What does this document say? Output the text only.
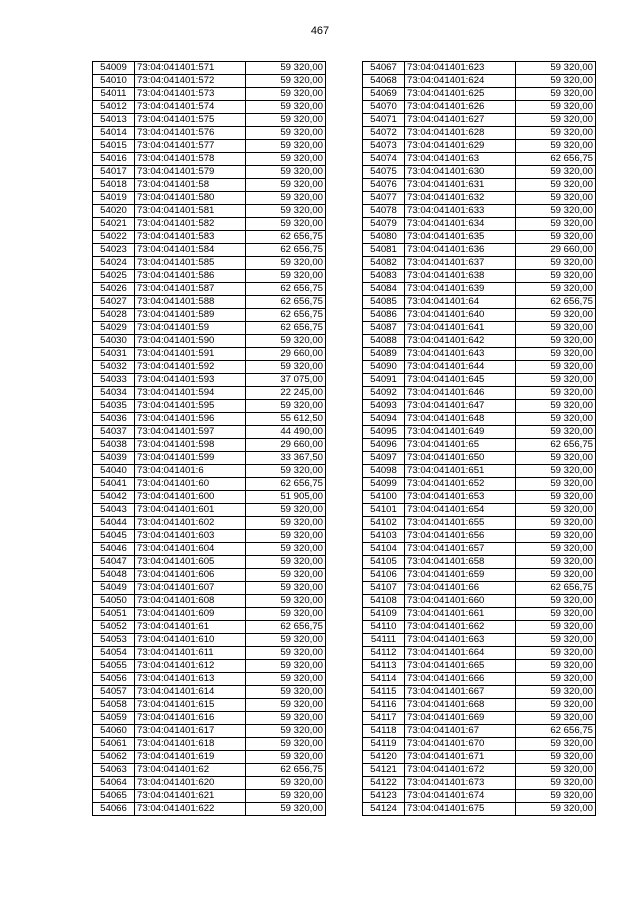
467
54009	73:04:041401:571	59 320,00
54010	73:04:041401:572	59 320,00
54011	73:04:041401:573	59 320,00
54012	73:04:041401:574	59 320,00
54013	73:04:041401:575	59 320,00
54014	73:04:041401:576	59 320,00
54015	73:04:041401:577	59 320,00
54016	73:04:041401:578	59 320,00
54017	73:04:041401:579	59 320,00
54018	73:04:041401:58	59 320,00
54019	73:04:041401:580	59 320,00
54020	73:04:041401:581	59 320,00
54021	73:04:041401:582	59 320,00
54022	73:04:041401:583	62 656,75
54023	73:04:041401:584	62 656,75
54024	73:04:041401:585	59 320,00
54025	73:04:041401:586	59 320,00
54026	73:04:041401:587	62 656,75
54027	73:04:041401:588	62 656,75
54028	73:04:041401:589	62 656,75
54029	73:04:041401:59	62 656,75
54030	73:04:041401:590	59 320,00
54031	73:04:041401:591	29 660,00
54032	73:04:041401:592	59 320,00
54033	73:04:041401:593	37 075,00
54034	73:04:041401:594	22 245,00
54035	73:04:041401:595	59 320,00
54036	73:04:041401:596	55 612,50
54037	73:04:041401:597	44 490,00
54038	73:04:041401:598	29 660,00
54039	73:04:041401:599	33 367,50
54040	73:04:041401:6	59 320,00
54041	73:04:041401:60	62 656,75
54042	73:04:041401:600	51 905,00
54043	73:04:041401:601	59 320,00
54044	73:04:041401:602	59 320,00
54045	73:04:041401:603	59 320,00
54046	73:04:041401:604	59 320,00
54047	73:04:041401:605	59 320,00
54048	73:04:041401:606	59 320,00
54049	73:04:041401:607	59 320,00
54050	73:04:041401:608	59 320,00
54051	73:04:041401:609	59 320,00
54052	73:04:041401:61	62 656,75
54053	73:04:041401:610	59 320,00
54054	73:04:041401:611	59 320,00
54055	73:04:041401:612	59 320,00
54056	73:04:041401:613	59 320,00
54057	73:04:041401:614	59 320,00
54058	73:04:041401:615	59 320,00
54059	73:04:041401:616	59 320,00
54060	73:04:041401:617	59 320,00
54061	73:04:041401:618	59 320,00
54062	73:04:041401:619	59 320,00
54063	73:04:041401:62	62 656,75
54064	73:04:041401:620	59 320,00
54065	73:04:041401:621	59 320,00
54066	73:04:041401:622	59 320,00
54067	73:04:041401:623	59 320,00
54068	73:04:041401:624	59 320,00
54069	73:04:041401:625	59 320,00
54070	73:04:041401:626	59 320,00
54071	73:04:041401:627	59 320,00
54072	73:04:041401:628	59 320,00
54073	73:04:041401:629	59 320,00
54074	73:04:041401:63	62 656,75
54075	73:04:041401:630	59 320,00
54076	73:04:041401:631	59 320,00
54077	73:04:041401:632	59 320,00
54078	73:04:041401:633	59 320,00
54079	73:04:041401:634	59 320,00
54080	73:04:041401:635	59 320,00
54081	73:04:041401:636	29 660,00
54082	73:04:041401:637	59 320,00
54083	73:04:041401:638	59 320,00
54084	73:04:041401:639	59 320,00
54085	73:04:041401:64	62 656,75
54086	73:04:041401:640	59 320,00
54087	73:04:041401:641	59 320,00
54088	73:04:041401:642	59 320,00
54089	73:04:041401:643	59 320,00
54090	73:04:041401:644	59 320,00
54091	73:04:041401:645	59 320,00
54092	73:04:041401:646	59 320,00
54093	73:04:041401:647	59 320,00
54094	73:04:041401:648	59 320,00
54095	73:04:041401:649	59 320,00
54096	73:04:041401:65	62 656,75
54097	73:04:041401:650	59 320,00
54098	73:04:041401:651	59 320,00
54099	73:04:041401:652	59 320,00
54100	73:04:041401:653	59 320,00
54101	73:04:041401:654	59 320,00
54102	73:04:041401:655	59 320,00
54103	73:04:041401:656	59 320,00
54104	73:04:041401:657	59 320,00
54105	73:04:041401:658	59 320,00
54106	73:04:041401:659	59 320,00
54107	73:04:041401:66	62 656,75
54108	73:04:041401:660	59 320,00
54109	73:04:041401:661	59 320,00
54110	73:04:041401:662	59 320,00
54111	73:04:041401:663	59 320,00
54112	73:04:041401:664	59 320,00
54113	73:04:041401:665	59 320,00
54114	73:04:041401:666	59 320,00
54115	73:04:041401:667	59 320,00
54116	73:04:041401:668	59 320,00
54117	73:04:041401:669	59 320,00
54118	73:04:041401:67	62 656,75
54119	73:04:041401:670	59 320,00
54120	73:04:041401:671	59 320,00
54121	73:04:041401:672	59 320,00
54122	73:04:041401:673	59 320,00
54123	73:04:041401:674	59 320,00
54124	73:04:041401:675	59 320,00
